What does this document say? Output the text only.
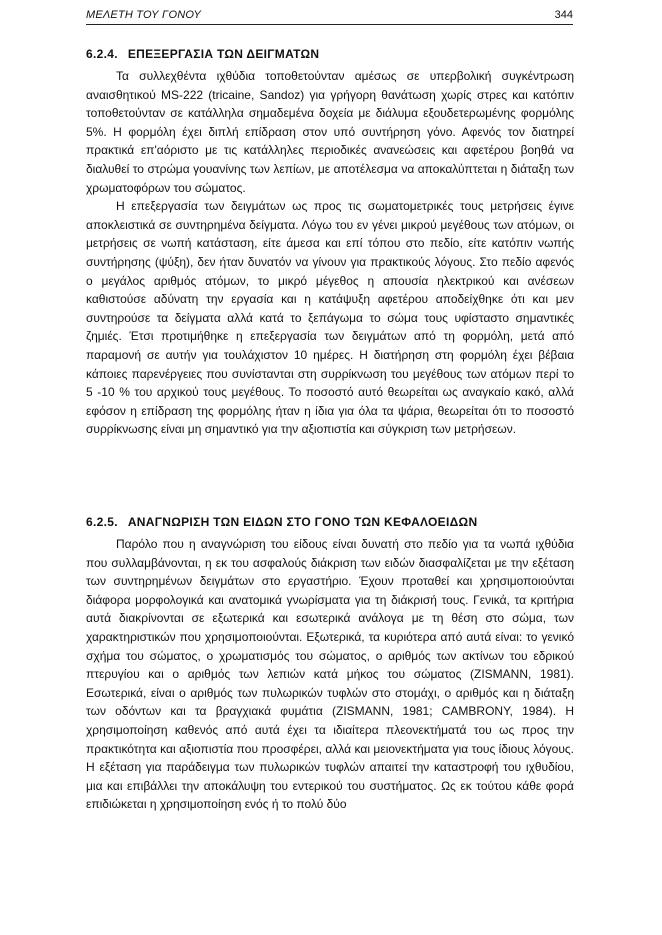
ΜΕΛΕΤΗ ΤΟΥ ΓΟΝΟΥ	344
6.2.4. ΕΠΕΞΕΡΓΑΣΙΑ ΤΩΝ ΔΕΙΓΜΑΤΩΝ

Τα συλλεχθέντα ιχθύδια τοποθετούνταν αμέσως σε υπερβολική συγκέντρωση αναισθητικού MS-222 (tricaine, Sandoz) για γρήγορη θανάτωση χωρίς στρες και κατόπιν τοποθετούνταν σε κατάλληλα σημαδεμένα δοχεία με διάλυμα εξουδετερωμένης φορμόλης 5%. Η φορμόλη έχει διπλή επίδραση στον υπό συντήρηση γόνο. Αφενός τον διατηρεί πρακτικά επ'αόριστο με τις κατάλληλες περιοδικές ανανεώσεις και αφετέρου βοηθά να διαλυθεί το στρώμα γουανίνης των λεπίων, με αποτέλεσμα να αποκαλύπτεται η διάταξη των χρωματοφόρων του σώματος.

Η επεξεργασία των δειγμάτων ως προς τις σωματομετρικές τους μετρήσεις έγινε αποκλειστικά σε συντηρημένα δείγματα. Λόγω του εν γένει μικρού μεγέθους των ατόμων, οι μετρήσεις σε νωπή κατάσταση, είτε άμεσα και επί τόπου στο πεδίο, είτε κατόπιν νωπής συντήρησης (ψύξη), δεν ήταν δυνατόν να γίνουν για πρακτικούς λόγους. Στο πεδίο αφενός ο μεγάλος αριθμός ατόμων, το μικρό μέγεθος η απουσία ηλεκτρικού και ανέσεων καθιστούσε αδύνατη την εργασία και η κατάψυξη αφετέρου αποδείχθηκε ότι και μεν συντηρούσε τα δείγματα αλλά κατά το ξεπάγωμα το σώμα τους υφίσταστο σημαντικές ζημιές. Έτσι προτιμήθηκε η επεξεργασία των δειγμάτων από τη φορμόλη, μετά από παραμονή σε αυτήν για τουλάχιστον 10 ημέρες. Η διατήρηση στη φορμόλη έχει βέβαια κάποιες παρενέργειες που συνίστανται στη συρρίκνωση του μεγέθους των ατόμων περί το 5 -10 % του αρχικού τους μεγέθους. Το ποσοστό αυτό θεωρείται ως αναγκαίο κακό, αλλά εφόσον η επίδραση της φορμόλης ήταν η ίδια για όλα τα ψάρια, θεωρείται ότι το ποσοστό συρρίκνωσης είναι μη σημαντικό για την αξιοπιστία και σύγκριση των μετρήσεων.

6.2.5. ΑΝΑΓΝΩΡΙΣΗ ΤΩΝ ΕΙΔΩΝ ΣΤΟ ΓΟΝΟ ΤΩΝ ΚΕΦΑΛΟΕΙΔΩΝ

Παρόλο που η αναγνώριση του είδους είναι δυνατή στο πεδίο για τα νωπά ιχθύδια που συλλαμβάνονται, η εκ του ασφαλούς διάκριση των ειδών διασφαλίζεται με την εξέταση των συντηρημένων δειγμάτων στο εργαστήριο. Έχουν προταθεί και χρησιμοποιούνται διάφορα μορφολογικά και ανατομικά γνωρίσματα για τη διάκρισή τους. Γενικά, τα κριτήρια αυτά διακρίνονται σε εξωτερικά και εσωτερικά ανάλογα με τη θέση στο σώμα, των χαρακτηριστικών που χρησιμοποιούνται. Εξωτερικά, τα κυριότερα από αυτά είναι: το γενικό σχήμα του σώματος, ο χρωματισμός του σώματος, ο αριθμός των ακτίνων του εδρικού πτερυγίου και ο αριθμός των λεπιών κατά μήκος του σώματος (ZISMANN, 1981). Εσωτερικά, είναι ο αριθμός των πυλωρικών τυφλών στο στομάχι, ο αριθμός και η διάταξη των οδόντων και τα βραγχιακά φυμάτια (ZISMANN, 1981; CAMBRONY, 1984). Η χρησιμοποίηση καθενός από αυτά έχει τα ιδιαίτερα πλεονεκτήματά του ως προς την πρακτικότητα και αξιοπιστία που προσφέρει, αλλά και μειονεκτήματα για τους ίδιους λόγους. Η εξέταση για παράδειγμα των πυλωρικών τυφλών απαιτεί την καταστροφή του ιχθυδίου, μια και επιβάλλει την αποκάλυψη του εντερικού του συστήματος. Ως εκ τούτου κάθε φορά επιδιώκεται η χρησιμοποίηση ενός ή το πολύ δύο
